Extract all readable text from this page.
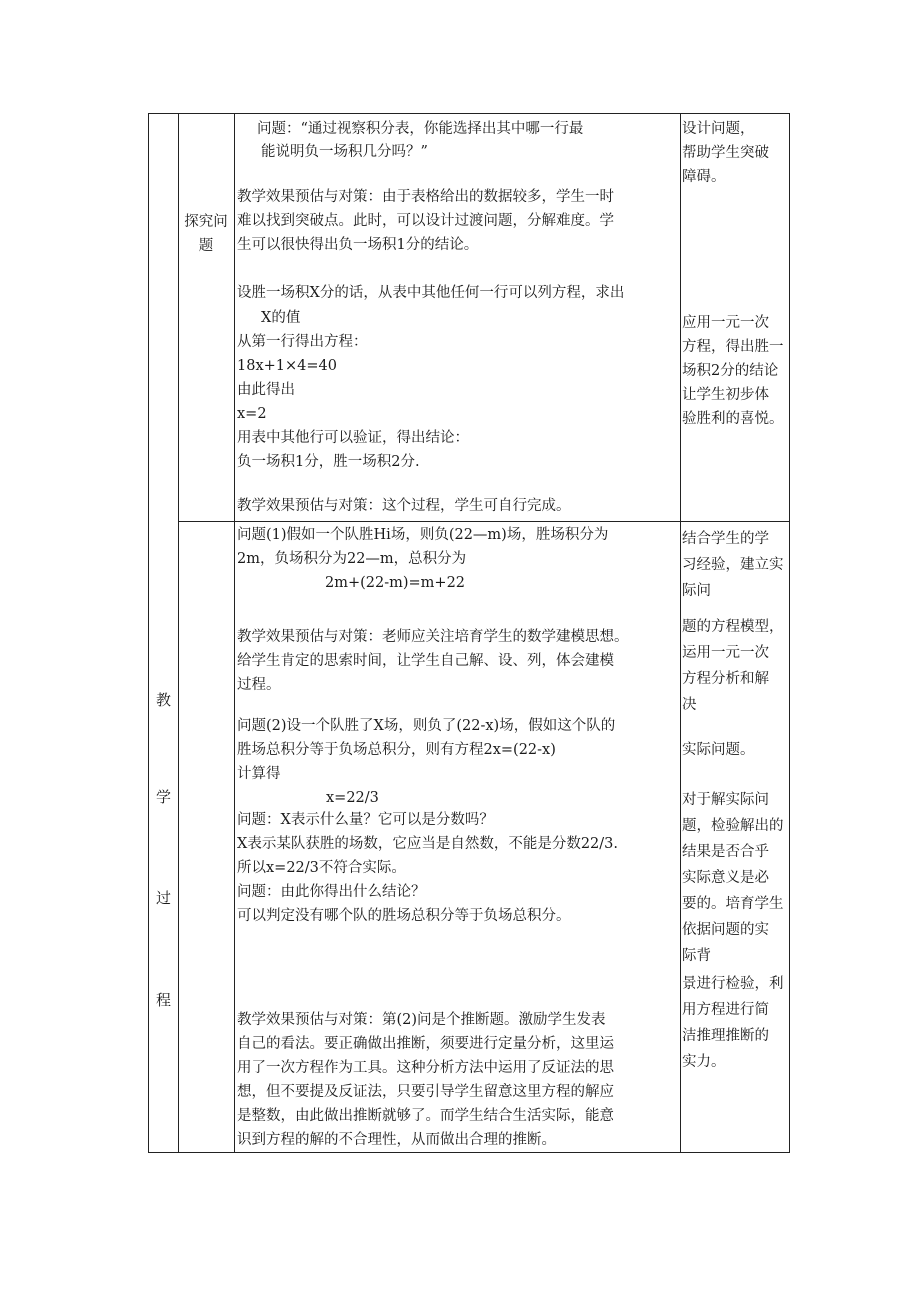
教
学
过
程
探究问
题
问题：“通过视察积分表，你能选择出其中哪一行最
能说明负一场积几分吗？”
教学效果预估与对策：由于表格给出的数据较多，学生一时
难以找到突破点。此时，可以设计过渡问题，分解难度。学
生可以很快得出负一场积1分的结论。
设胜一场积X分的话，从表中其他任何一行可以列方程，求出
X的值
从第一行得出方程：
18x+1×4=40
由此得出
x=2
用表中其他行可以验证，得出结论：
负一场积1分，胜一场积2分.
教学效果预估与对策：这个过程，学生可自行完成。
设计问题，
帮助学生突破
障碍。
应用一元一次
方程，得出胜一
场积2分的结论
让学生初步体
验胜利的喜悦。
问题(1)假如一个队胜Hi场，则负(22—m)场，胜场积分为
2m，负场积分为22—m，总积分为
2m+(22-m)=m+22
教学效果预估与对策：老师应关注培育学生的数学建模思想。
给学生肯定的思索时间，让学生自己解、设、列，体会建模
过程。
问题(2)设一个队胜了X场，则负了(22-x)场，假如这个队的
胜场总积分等于负场总积分，则有方程2x=(22-x)
计算得
x=22/3
问题：X表示什么量？它可以是分数吗？
X表示某队获胜的场数，它应当是自然数，不能是分数22/3.
所以x=22/3不符合实际。
问题：由此你得出什么结论？
可以判定没有哪个队的胜场总积分等于负场总积分。
教学效果预估与对策：第(2)问是个推断题。激励学生发表
自己的看法。要正确做出推断，须要进行定量分析，这里运
用了一次方程作为工具。这种分析方法中运用了反证法的思
想，但不要提及反证法，只要引导学生留意这里方程的解应
是整数，由此做出推断就够了。而学生结合生活实际，能意
识到方程的解的不合理性，从而做出合理的推断。
结合学生的学
习经验，建立实
际问
题的方程模型，
运用一元一次
方程分析和解
决
实际问题。
对于解实际问
题，检验解出的
结果是否合乎
实际意义是必
要的。培育学生
依据问题的实
际背
景进行检验，利
用方程进行简
洁推理推断的
实力。
